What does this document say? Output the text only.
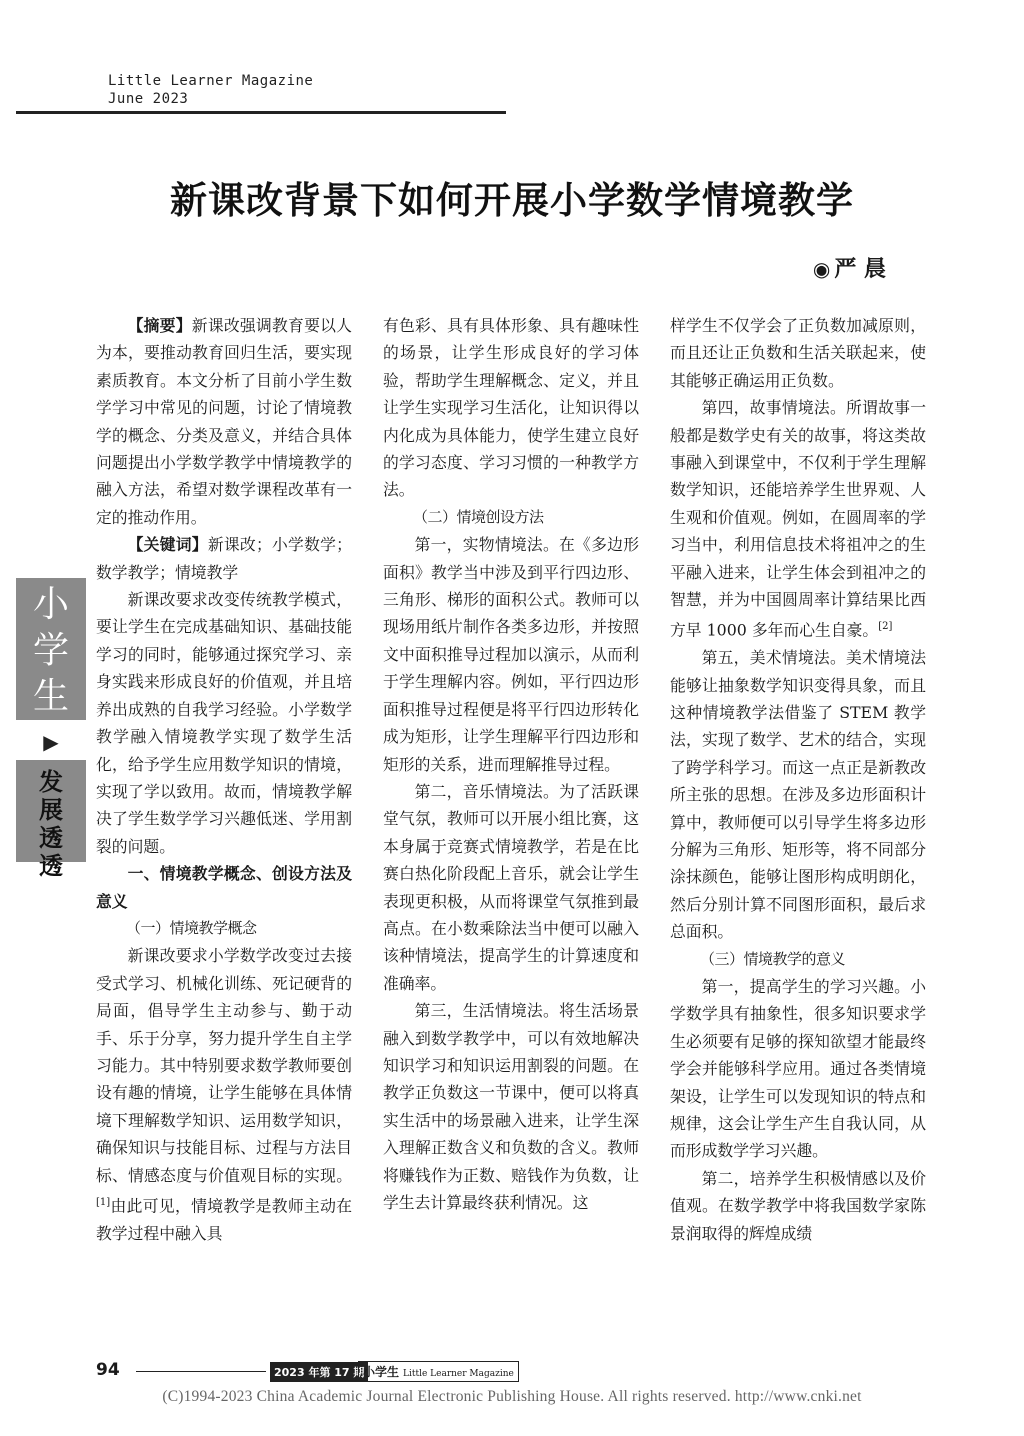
Little Learner Magazine
June 2023
新课改背景下如何开展小学数学情境教学
◉ 严 晨
小学生
▶
发展透透

【摘要】新课改强调教育要以人为本，要推动教育回归生活，要实现素质教育。本文分析了目前小学生数学学习中常见的问题，讨论了情境教学的概念、分类及意义，并结合具体问题提出小学数学教学中情境教学的融入方法，希望对数学课程改革有一定的推动作用。

【关键词】新课改；小学数学；数学教学；情境教学

新课改要求改变传统教学模式，要让学生在完成基础知识、基础技能学习的同时，能够通过探究学习、亲身实践来形成良好的价值观，并且培养出成熟的自我学习经验。小学数学教学融入情境教学实现了数学生活化，给予学生应用数学知识的情境，实现了学以致用。故而，情境教学解决了学生数学学习兴趣低迷、学用割裂的问题。

一、情境教学概念、创设方法及意义
（一）情境教学概念

新课改要求小学数学改变过去接受式学习、机械化训练、死记硬背的局面，倡导学生主动参与、勤于动手、乐于分享，努力提升学生自主学习能力。其中特别要求数学教师要创设有趣的情境，让学生能够在具体情境下理解数学知识、运用数学知识，确保知识与技能目标、过程与方法目标、情感态度与价值观目标的实现。[1]由此可见，情境教学是教师主动在教学过程中融入具

有色彩、具有具体形象、具有趣味性的场景，让学生形成良好的学习体验，帮助学生理解概念、定义，并且让学生实现学习生活化，让知识得以内化成为具体能力，使学生建立良好的学习态度、学习习惯的一种教学方法。

（二）情境创设方法

第一，实物情境法。在《多边形面积》教学当中涉及到平行四边形、三角形、梯形的面积公式。教师可以现场用纸片制作各类多边形，并按照文中面积推导过程加以演示，从而利于学生理解内容。例如，平行四边形面积推导过程便是将平行四边形转化成为矩形，让学生理解平行四边形和矩形的关系，进而理解推导过程。

第二，音乐情境法。为了活跃课堂气氛，教师可以开展小组比赛，这本身属于竞赛式情境教学，若是在比赛白热化阶段配上音乐，就会让学生表现更积极，从而将课堂气氛推到最高点。在小数乘除法当中便可以融入该种情境法，提高学生的计算速度和准确率。

第三，生活情境法。将生活场景融入到数学教学中，可以有效地解决知识学习和知识运用割裂的问题。在教学正负数这一节课中，便可以将真实生活中的场景融入进来，让学生深入理解正数含义和负数的含义。教师将赚钱作为正数、赔钱作为负数，让学生去计算最终获利情况。这

样学生不仅学会了正负数加减原则，而且还让正负数和生活关联起来，使其能够正确运用正负数。

第四，故事情境法。所谓故事一般都是数学史有关的故事，将这类故事融入到课堂中，不仅利于学生理解数学知识，还能培养学生世界观、人生观和价值观。例如，在圆周率的学习当中，利用信息技术将祖冲之的生平融入进来，让学生体会到祖冲之的智慧，并为中国圆周率计算结果比西方早 1000 多年而心生自豪。[2]

第五，美术情境法。美术情境法能够让抽象数学知识变得具象，而且这种情境教学法借鉴了 STEM 教学法，实现了数学、艺术的结合，实现了跨学科学习。而这一点正是新教改所主张的思想。在涉及多边形面积计算中，教师便可以引导学生将多边形分解为三角形、矩形等，将不同部分涂抹颜色，能够让图形构成明朗化，然后分别计算不同图形面积，最后求总面积。

（三）情境教学的意义

第一，提高学生的学习兴趣。小学数学具有抽象性，很多知识要求学生必须要有足够的探知欲望才能最终学会并能够科学应用。通过各类情境架设，让学生可以发现知识的特点和规律，这会让学生产生自我认同，从而形成数学学习兴趣。

第二，培养学生积极情感以及价值观。在数学教学中将我国数学家陈景润取得的辉煌成绩

94	2023 年第 17 期
小学生 Little Learner Magazine
(C)1994-2023 China Academic Journal Electronic Publishing House. All rights reserved. http://www.cnki.net
